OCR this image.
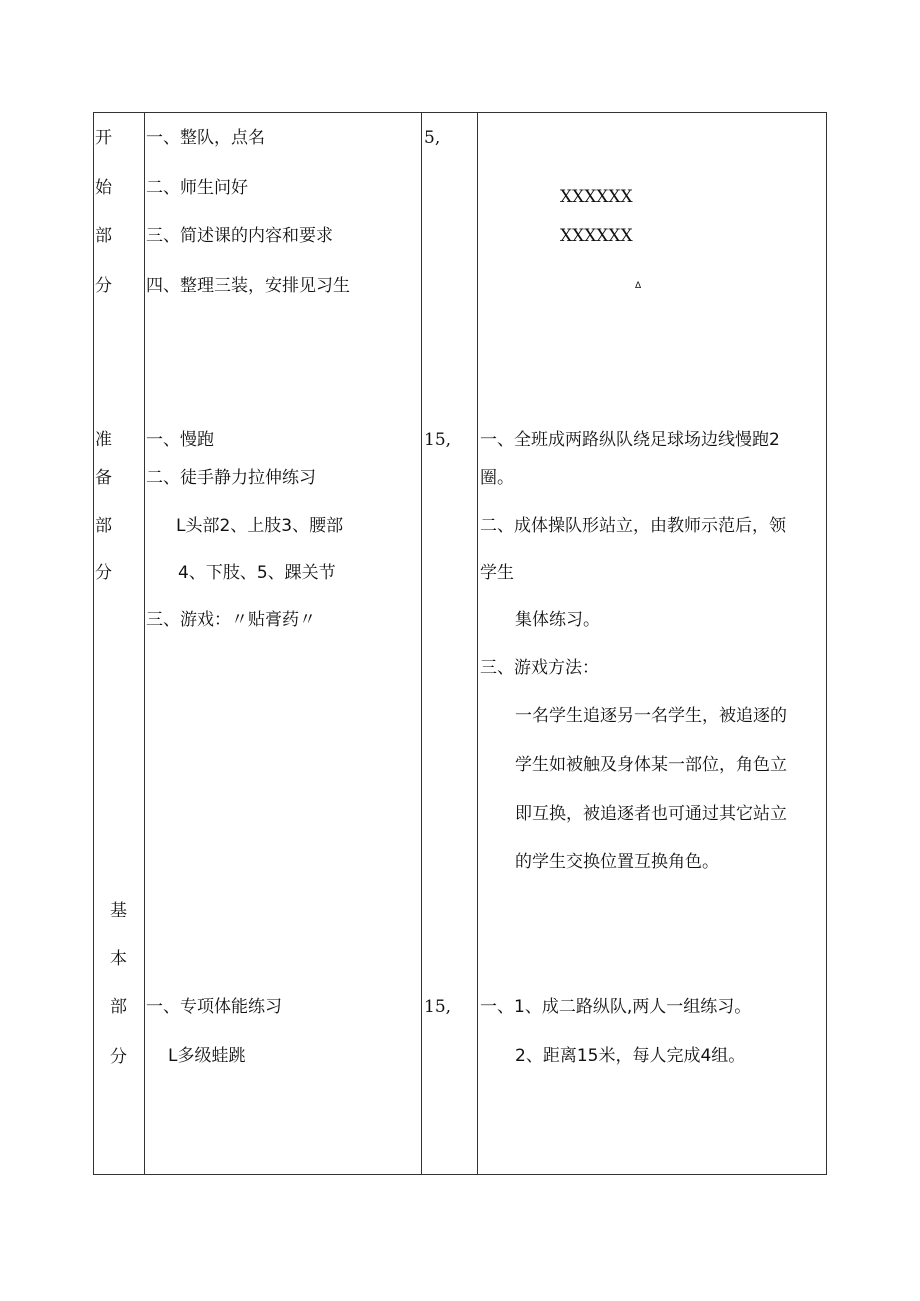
开
始
部
分
准
备
部
分
基
本
部
分
一、整队，点名
二、师生问好
三、简述课的内容和要求
四、整理三装，安排见习生
5,
XXXXXX
XXXXXX
Δ
一、慢跑
二、徒手静力拉伸练习
L头部2、上肢3、腰部
4、下肢、5、踝关节
三、游戏：〃贴膏药〃
15, 一、全班成两路纵队绕足球场边线慢跑2
圈。
二、成体操队形站立，由教师示范后，领
学生
集体练习。
三、游戏方法：
一名学生追逐另一名学生，被追逐的
学生如被触及身体某一部位，角色立
即互换，被追逐者也可通过其它站立
的学生交换位置互换角色。
一、专项体能练习
L多级蛙跳
15, 一、1、成二路纵队,两人一组练习。
2、距离15米，每人完成4组。
